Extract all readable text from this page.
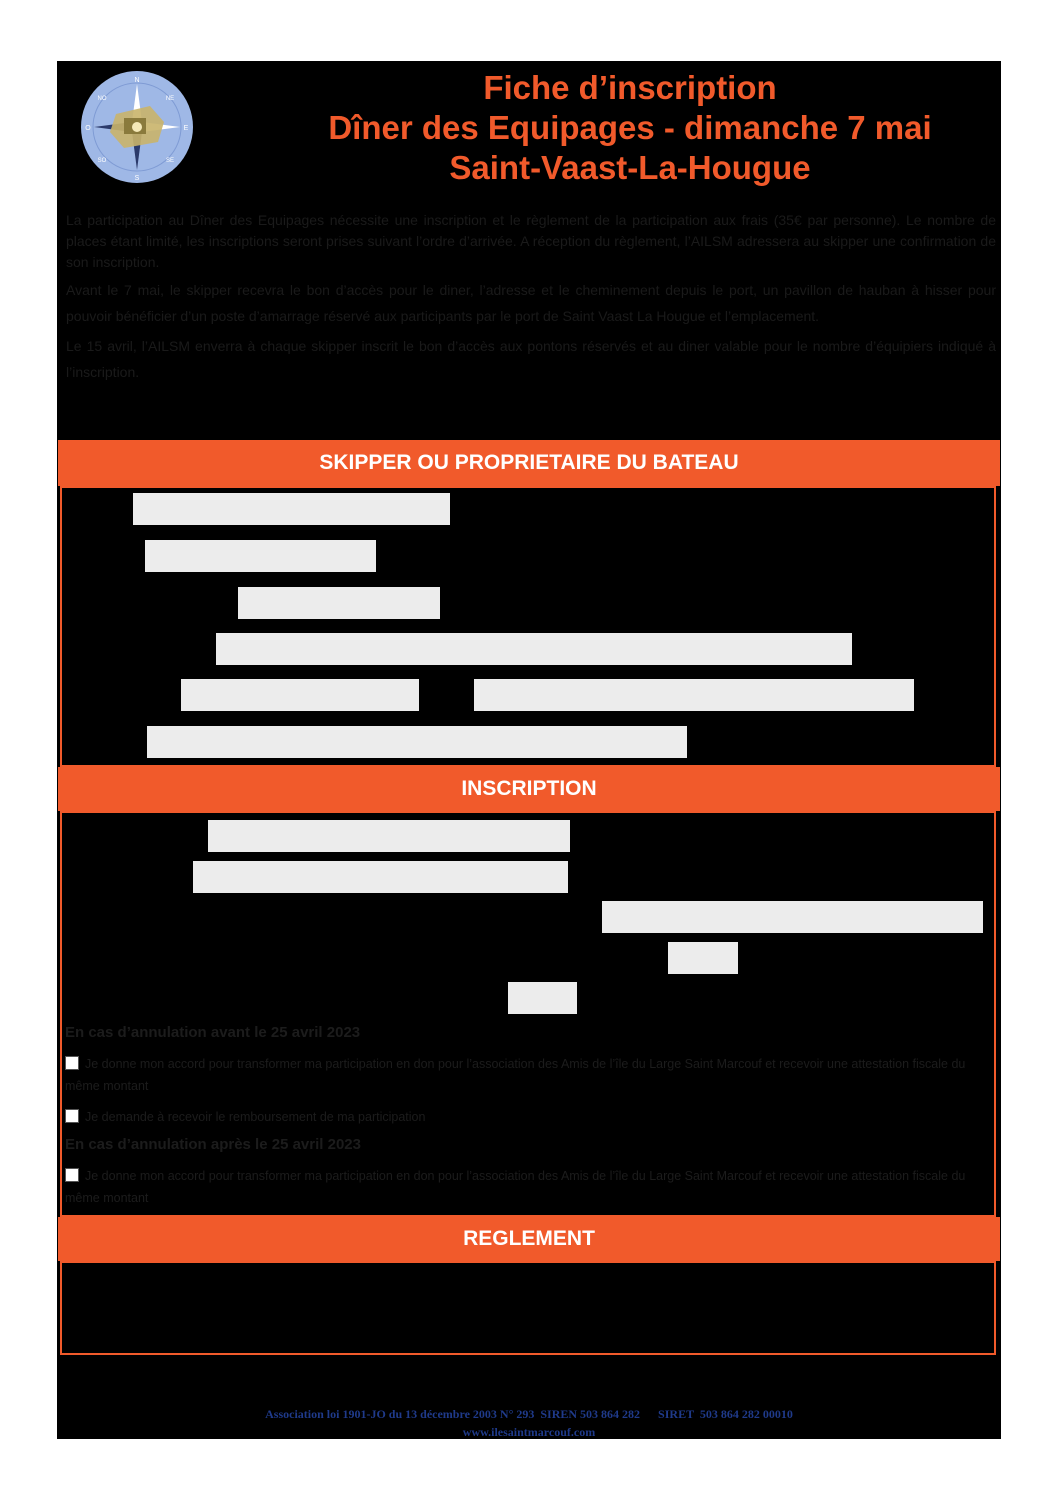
N
NE
E
SE
S
SO
O
NO	Fiche d’inscription
Dîner des Equipages - dimanche 7 mai
Saint-Vaast-La-Hougue

La participation au Dîner des Equipages nécessite une inscription et le règlement de la participation aux frais (35€ par personne). Le nombre de places étant limité, les inscriptions seront prises suivant l’ordre d’arrivée. A réception du règlement, l’AILSM adressera au skipper une confirmation de son inscription.

Avant le 7 mai, le skipper recevra le bon d’accès pour le diner, l’adresse et le cheminement depuis le port, un pavillon de hauban à hisser pour pouvoir bénéficier d’un poste d’amarrage réservé aux participants par le port de Saint Vaast La Hougue et l’emplacement.

Le 15 avril, l’AILSM enverra à chaque skipper inscrit le bon d’accès aux pontons réservés et au diner valable pour le nombre d’équipiers indiqué à l’inscription.

SKIPPER OU PROPRIETAIRE DU BATEAU
INSCRIPTION
En cas d’annulation avant le 25 avril 2023
Je donne mon accord pour transformer ma participation en don pour l’association des Amis de l’île du Large Saint Marcouf et recevoir une attestation fiscale du même montant
Je demande à recevoir le remboursement de ma participation
En cas d’annulation après le 25 avril 2023
Je donne mon accord pour transformer ma participation en don pour l’association des Amis de l’île du Large Saint Marcouf et recevoir une attestation fiscale du même montant
REGLEMENT
Association loi 1901-JO du 13 décembre 2003 N° 293  SIREN 503 864 282      SIRET  503 864 282 00010
www.ilesaintmarcouf.com
